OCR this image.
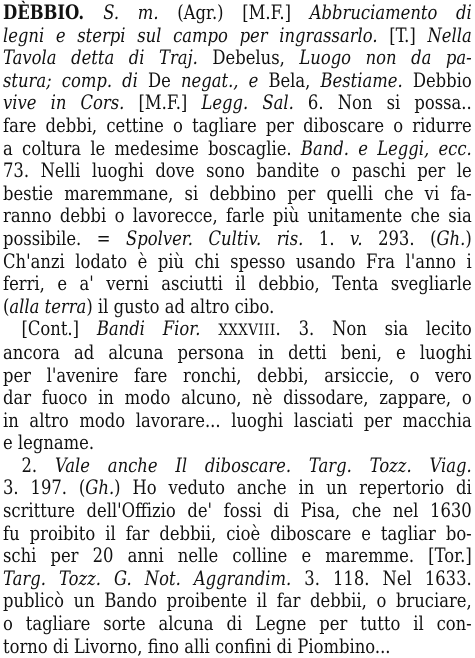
DÈBBIO. S. m. (Agr.) [M.F.] Abbruciamento di
legni e sterpi sul campo per ingrassarlo. [T.] Nella
Tavola detta di Traj. Debelus, Luogo non da pa-
stura; comp. di De negat., e Bela, Bestiame. Debbio
vive in Cors. [M.F.] Legg. Sal. 6. Non si possa..
fare debbi, cettine o tagliare per diboscare o ridurre
a coltura le medesime boscaglie. Band. e Leggi, ecc.
73. Nelli luoghi dove sono bandite o paschi per le
bestie maremmane, si debbino per quelli che vi fa-
ranno debbi o lavorecce, farle più unitamente che sia
possibile. = Spolver. Cultiv. ris. 1. v. 293. (Gh.)
Ch'anzi lodato è più chi spesso usando Fra l'anno i
ferri, e a' verni asciutti il debbio, Tenta svegliarle
(alla terra) il gusto ad altro cibo.
[Cont.] Bandi Fior. XXXVIII. 3. Non sia lecito
ancora ad alcuna persona in detti beni, e luoghi
per l'avenire fare ronchi, debbi, arsiccie, o vero
dar fuoco in modo alcuno, nè dissodare, zappare, o
in altro modo lavorare... luoghi lasciati per macchia
e legname.
2. Vale anche Il diboscare. Targ. Tozz. Viag.
3. 197. (Gh.) Ho veduto anche in un repertorio di
scritture dell'Offizio de' fossi di Pisa, che nel 1630
fu proibito il far debbii, cioè diboscare e tagliar bo-
schi per 20 anni nelle colline e maremme. [Tor.]
Targ. Tozz. G. Not. Aggrandim. 3. 118. Nel 1633.
publicò un Bando proibente il far debbii, o bruciare,
o tagliare sorte alcuna di Legne per tutto il con-
torno di Livorno, fino alli confini di Piombino...
